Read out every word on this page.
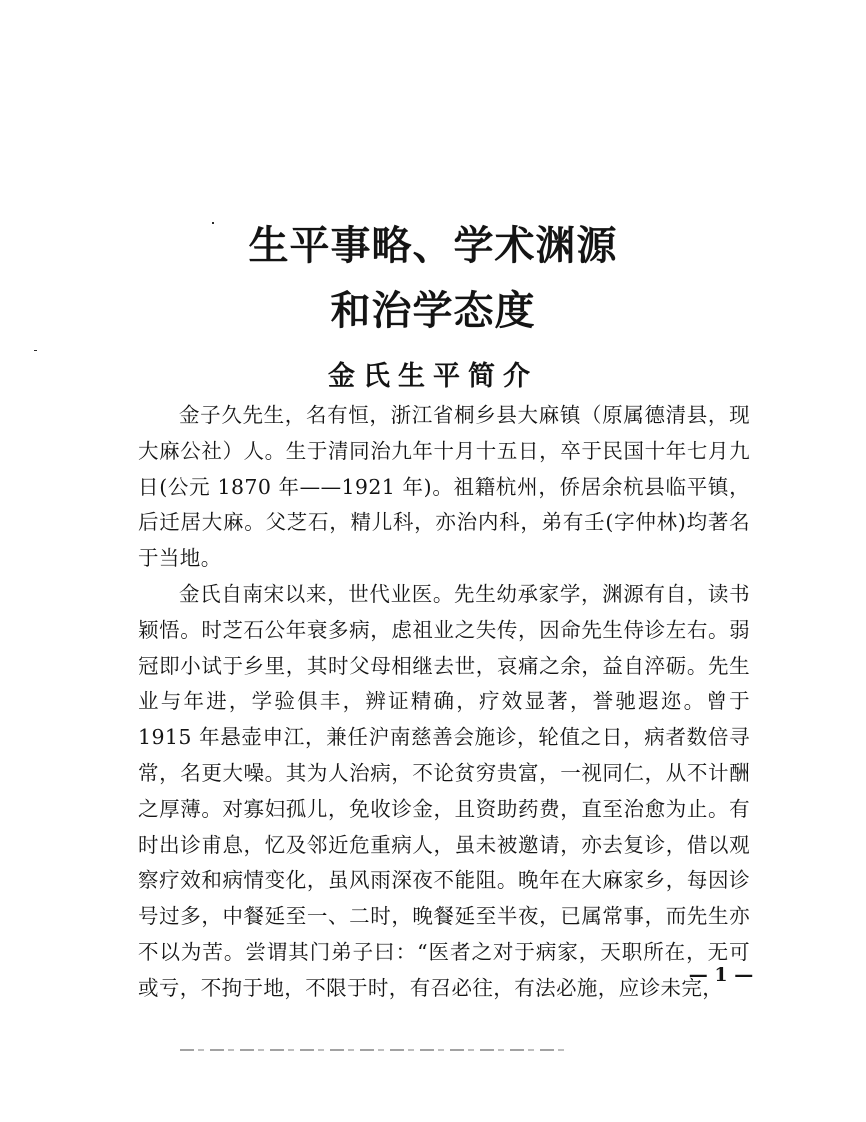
生平事略、学术渊源
和治学态度
金氏生平简介

金子久先生，名有恒，浙江省桐乡县大麻镇（原属德清县，现大麻公社）人。生于清同治九年十月十五日，卒于民国十年七月九日(公元 1870 年——1921 年)。祖籍杭州，侨居余杭县临平镇，后迁居大麻。父芝石，精儿科，亦治内科，弟有壬(字仲林)均著名于当地。

金氏自南宋以来，世代业医。先生幼承家学，渊源有自，读书颖悟。时芝石公年衰多病，虑祖业之失传，因命先生侍诊左右。弱冠即小试于乡里，其时父母相继去世，哀痛之余，益自淬砺。先生业与年进，学验俱丰，辨证精确，疗效显著，誉驰遐迩。曾于 1915 年悬壶申江，兼任沪南慈善会施诊，轮值之日，病者数倍寻常，名更大噪。其为人治病，不论贫穷贵富，一视同仁，从不计酬之厚薄。对寡妇孤儿，免收诊金，且资助药费，直至治愈为止。有时出诊甫息，忆及邻近危重病人，虽未被邀请，亦去复诊，借以观察疗效和病情变化，虽风雨深夜不能阻。晚年在大麻家乡，每因诊号过多，中餐延至一、二时，晚餐延至半夜，已属常事，而先生亦不以为苦。尝谓其门弟子曰：“医者之对于病家，天职所在，无可或亏，不拘于地，不限于时，有召必往，有法必施，应诊未完，

— 1 —
